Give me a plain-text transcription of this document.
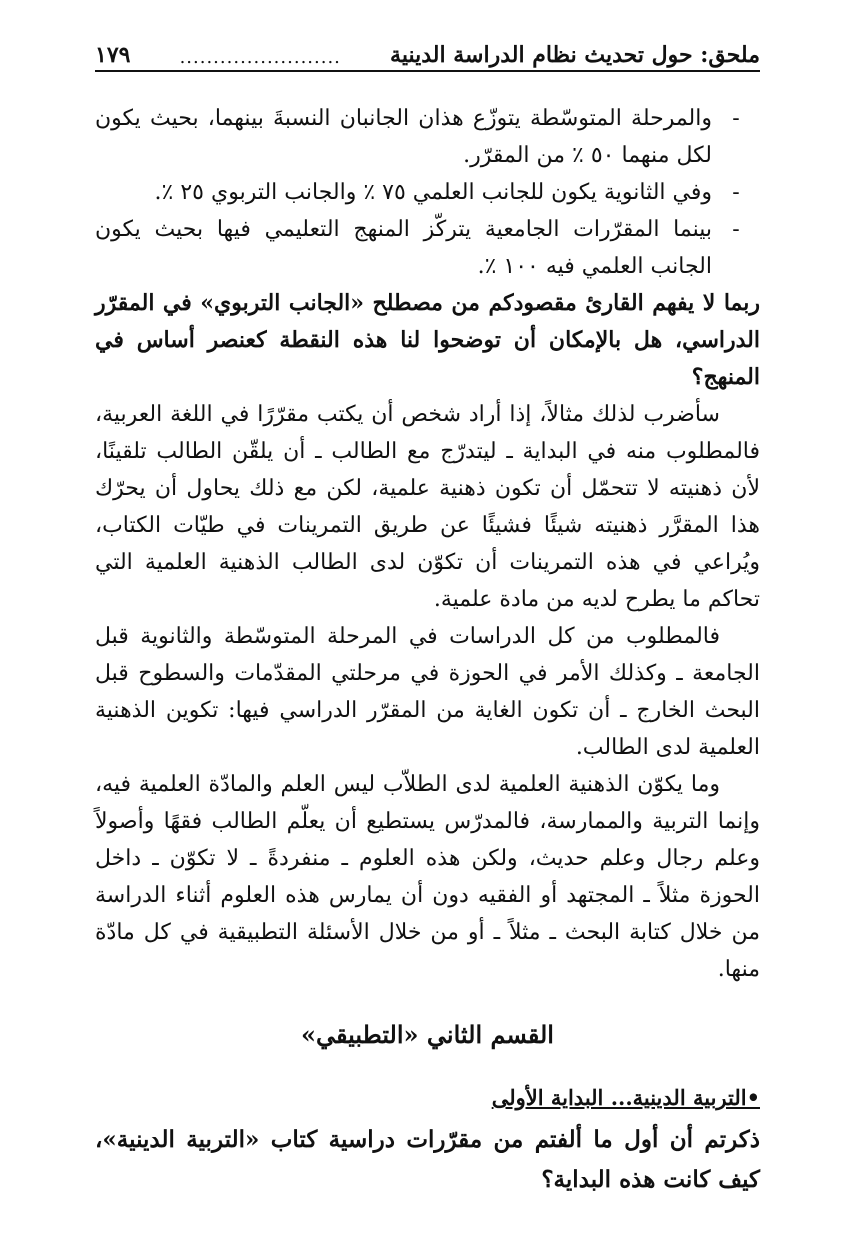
ملحق: حول تحديث نظام الدراسة الدينية
........................
١٧٩
-
والمرحلة المتوسّطة يتوزّع هذان الجانبان النسبةَ بينهما، بحيث يكون لكل منهما ٥٠ ٪ من المقرّر.
-
وفي الثانوية يكون للجانب العلمي ٧٥ ٪ والجانب التربوي ٢٥ ٪.
-
بينما المقرّرات الجامعية يتركّز المنهج التعليمي فيها بحيث يكون الجانب العلمي فيه ١٠٠ ٪.

ربما لا يفهم القارئ مقصودكم من مصطلح «الجانب التربوي» في المقرّر الدراسي، هل بالإمكان أن توضحوا لنا هذه النقطة كعنصر أساس في المنهج؟

سأضرب لذلك مثالاً، إذا أراد شخص أن يكتب مقرّرًا في اللغة العربية، فالمطلوب منه في البداية ـ ليتدرّج مع الطالب ـ أن يلقّن الطالب تلقينًا، لأن ذهنيته لا تتحمّل أن تكون ذهنية علمية، لكن مع ذلك يحاول أن يحرّك هذا المقرَّر ذهنيته شيئًا فشيئًا عن طريق التمرينات في طيّات الكتاب، ويُراعي في هذه التمرينات أن تكوّن لدى الطالب الذهنية العلمية التي تحاكم ما يطرح لديه من مادة علمية.

فالمطلوب من كل الدراسات في المرحلة المتوسّطة والثانوية قبل الجامعة ـ وكذلك الأمر في الحوزة في مرحلتي المقدّمات والسطوح قبل البحث الخارج ـ أن تكون الغاية من المقرّر الدراسي فيها: تكوين الذهنية العلمية لدى الطالب.

وما يكوّن الذهنية العلمية لدى الطلاّب ليس العلم والمادّة العلمية فيه، وإنما التربية والممارسة، فالمدرّس يستطيع أن يعلّم الطالب فقهًا وأصولاً وعلم رجال وعلم حديث، ولكن هذه العلوم ـ منفردةً ـ لا تكوّن ـ داخل الحوزة مثلاً ـ المجتهد أو الفقيه دون أن يمارس هذه العلوم أثناء الدراسة من خلال كتابة البحث ـ مثلاً ـ أو من خلال الأسئلة التطبيقية في كل مادّة منها.

القسم الثاني «التطبيقي»
•التربية الدينية... البداية الأولى

ذكرتم أن أول ما ألفتم من مقرّرات دراسية كتاب «التربية الدينية»، كيف كانت هذه البداية؟
